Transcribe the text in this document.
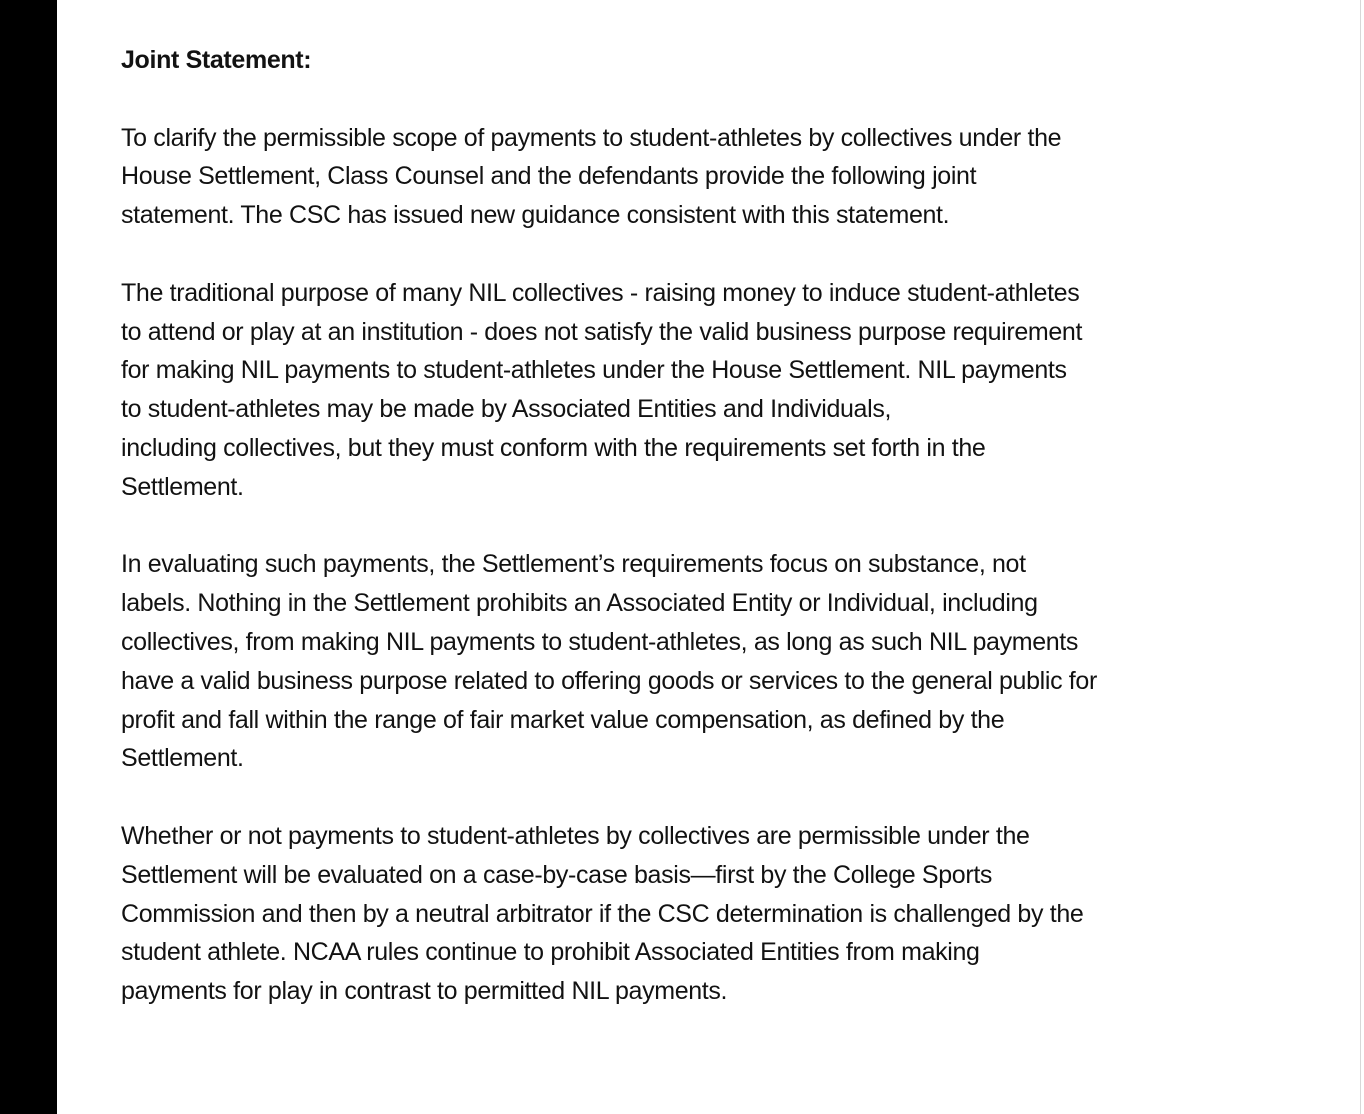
Joint Statement:
To clarify the permissible scope of payments to student-athletes by collectives under the
House Settlement, Class Counsel and the defendants provide the following joint
statement. The CSC has issued new guidance consistent with this statement.
The traditional purpose of many NIL collectives - raising money to induce student-athletes
to attend or play at an institution - does not satisfy the valid business purpose requirement
for making NIL payments to student-athletes under the House Settlement. NIL payments
to student-athletes may be made by Associated Entities and Individuals,
including collectives, but they must conform with the requirements set forth in the
Settlement.
In evaluating such payments, the Settlement’s requirements focus on substance, not
labels. Nothing in the Settlement prohibits an Associated Entity or Individual, including
collectives, from making NIL payments to student-athletes, as long as such NIL payments
have a valid business purpose related to offering goods or services to the general public for
profit and fall within the range of fair market value compensation, as defined by the
Settlement.
Whether or not payments to student-athletes by collectives are permissible under the
Settlement will be evaluated on a case-by-case basis—first by the College Sports
Commission and then by a neutral arbitrator if the CSC determination is challenged by the
student athlete. NCAA rules continue to prohibit Associated Entities from making
payments for play in contrast to permitted NIL payments.
